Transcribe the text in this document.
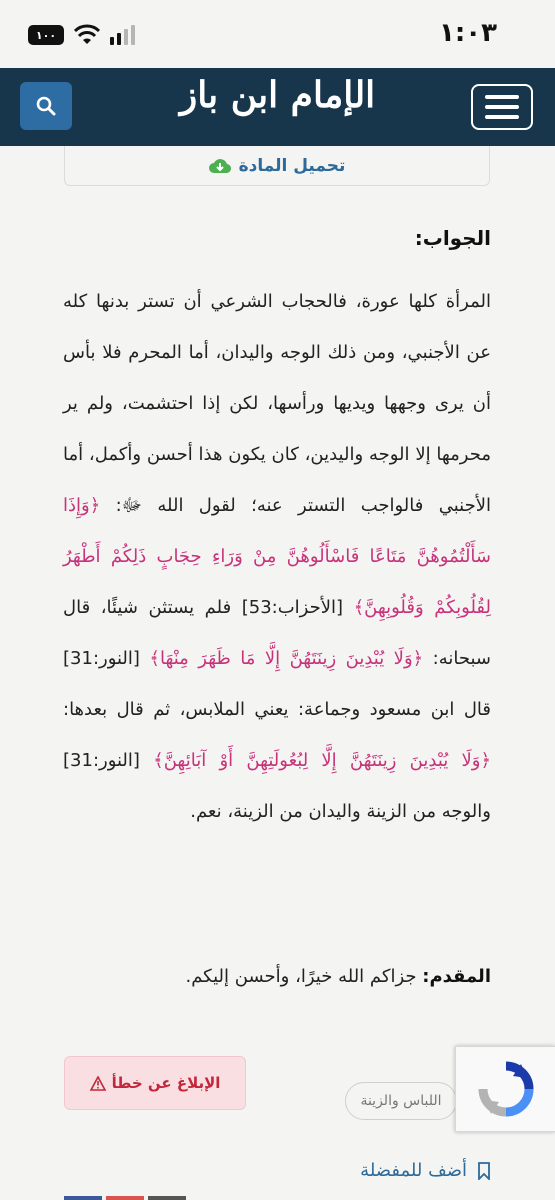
١٠٠	١:٠٣
الإمام ابن باز
تحميل المادة
الجواب:
المرأة كلها عورة، فالحجاب الشرعي أن تستر بدنها كله عن الأجنبي، ومن ذلك الوجه واليدان، أما المحرم فلا بأس أن يرى وجهها ويديها ورأسها، لكن إذا احتشمت، ولم ير محرمها إلا الوجه واليدين، كان يكون هذا أحسن وأكمل، أما الأجنبي فالواجب التستر عنه؛ لقول الله ﷻ: ﴿وَإِذَا سَأَلْتُمُوهُنَّ مَتَاعًا فَاسْأَلُوهُنَّ مِنْ وَرَاءِ حِجَابٍ ذَلِكُمْ أَطْهَرُ لِقُلُوبِكُمْ وَقُلُوبِهِنَّ﴾ [الأحزاب:53] فلم يستثن شيئًا، قال سبحانه: ﴿وَلَا يُبْدِينَ زِينَتَهُنَّ إِلَّا مَا ظَهَرَ مِنْهَا﴾ [النور:31] قال ابن مسعود وجماعة: يعني الملابس، ثم قال بعدها: ﴿وَلَا يُبْدِينَ زِينَتَهُنَّ إِلَّا لِبُعُولَتِهِنَّ أَوْ آبَائِهِنَّ﴾ [النور:31] والوجه من الزينة واليدان من الزينة، نعم.
المقدم: جزاكم الله خيرًا، وأحسن إليكم.
اللباس والزينة
الإبلاغ عن خطأ
أضف للمفضلة
